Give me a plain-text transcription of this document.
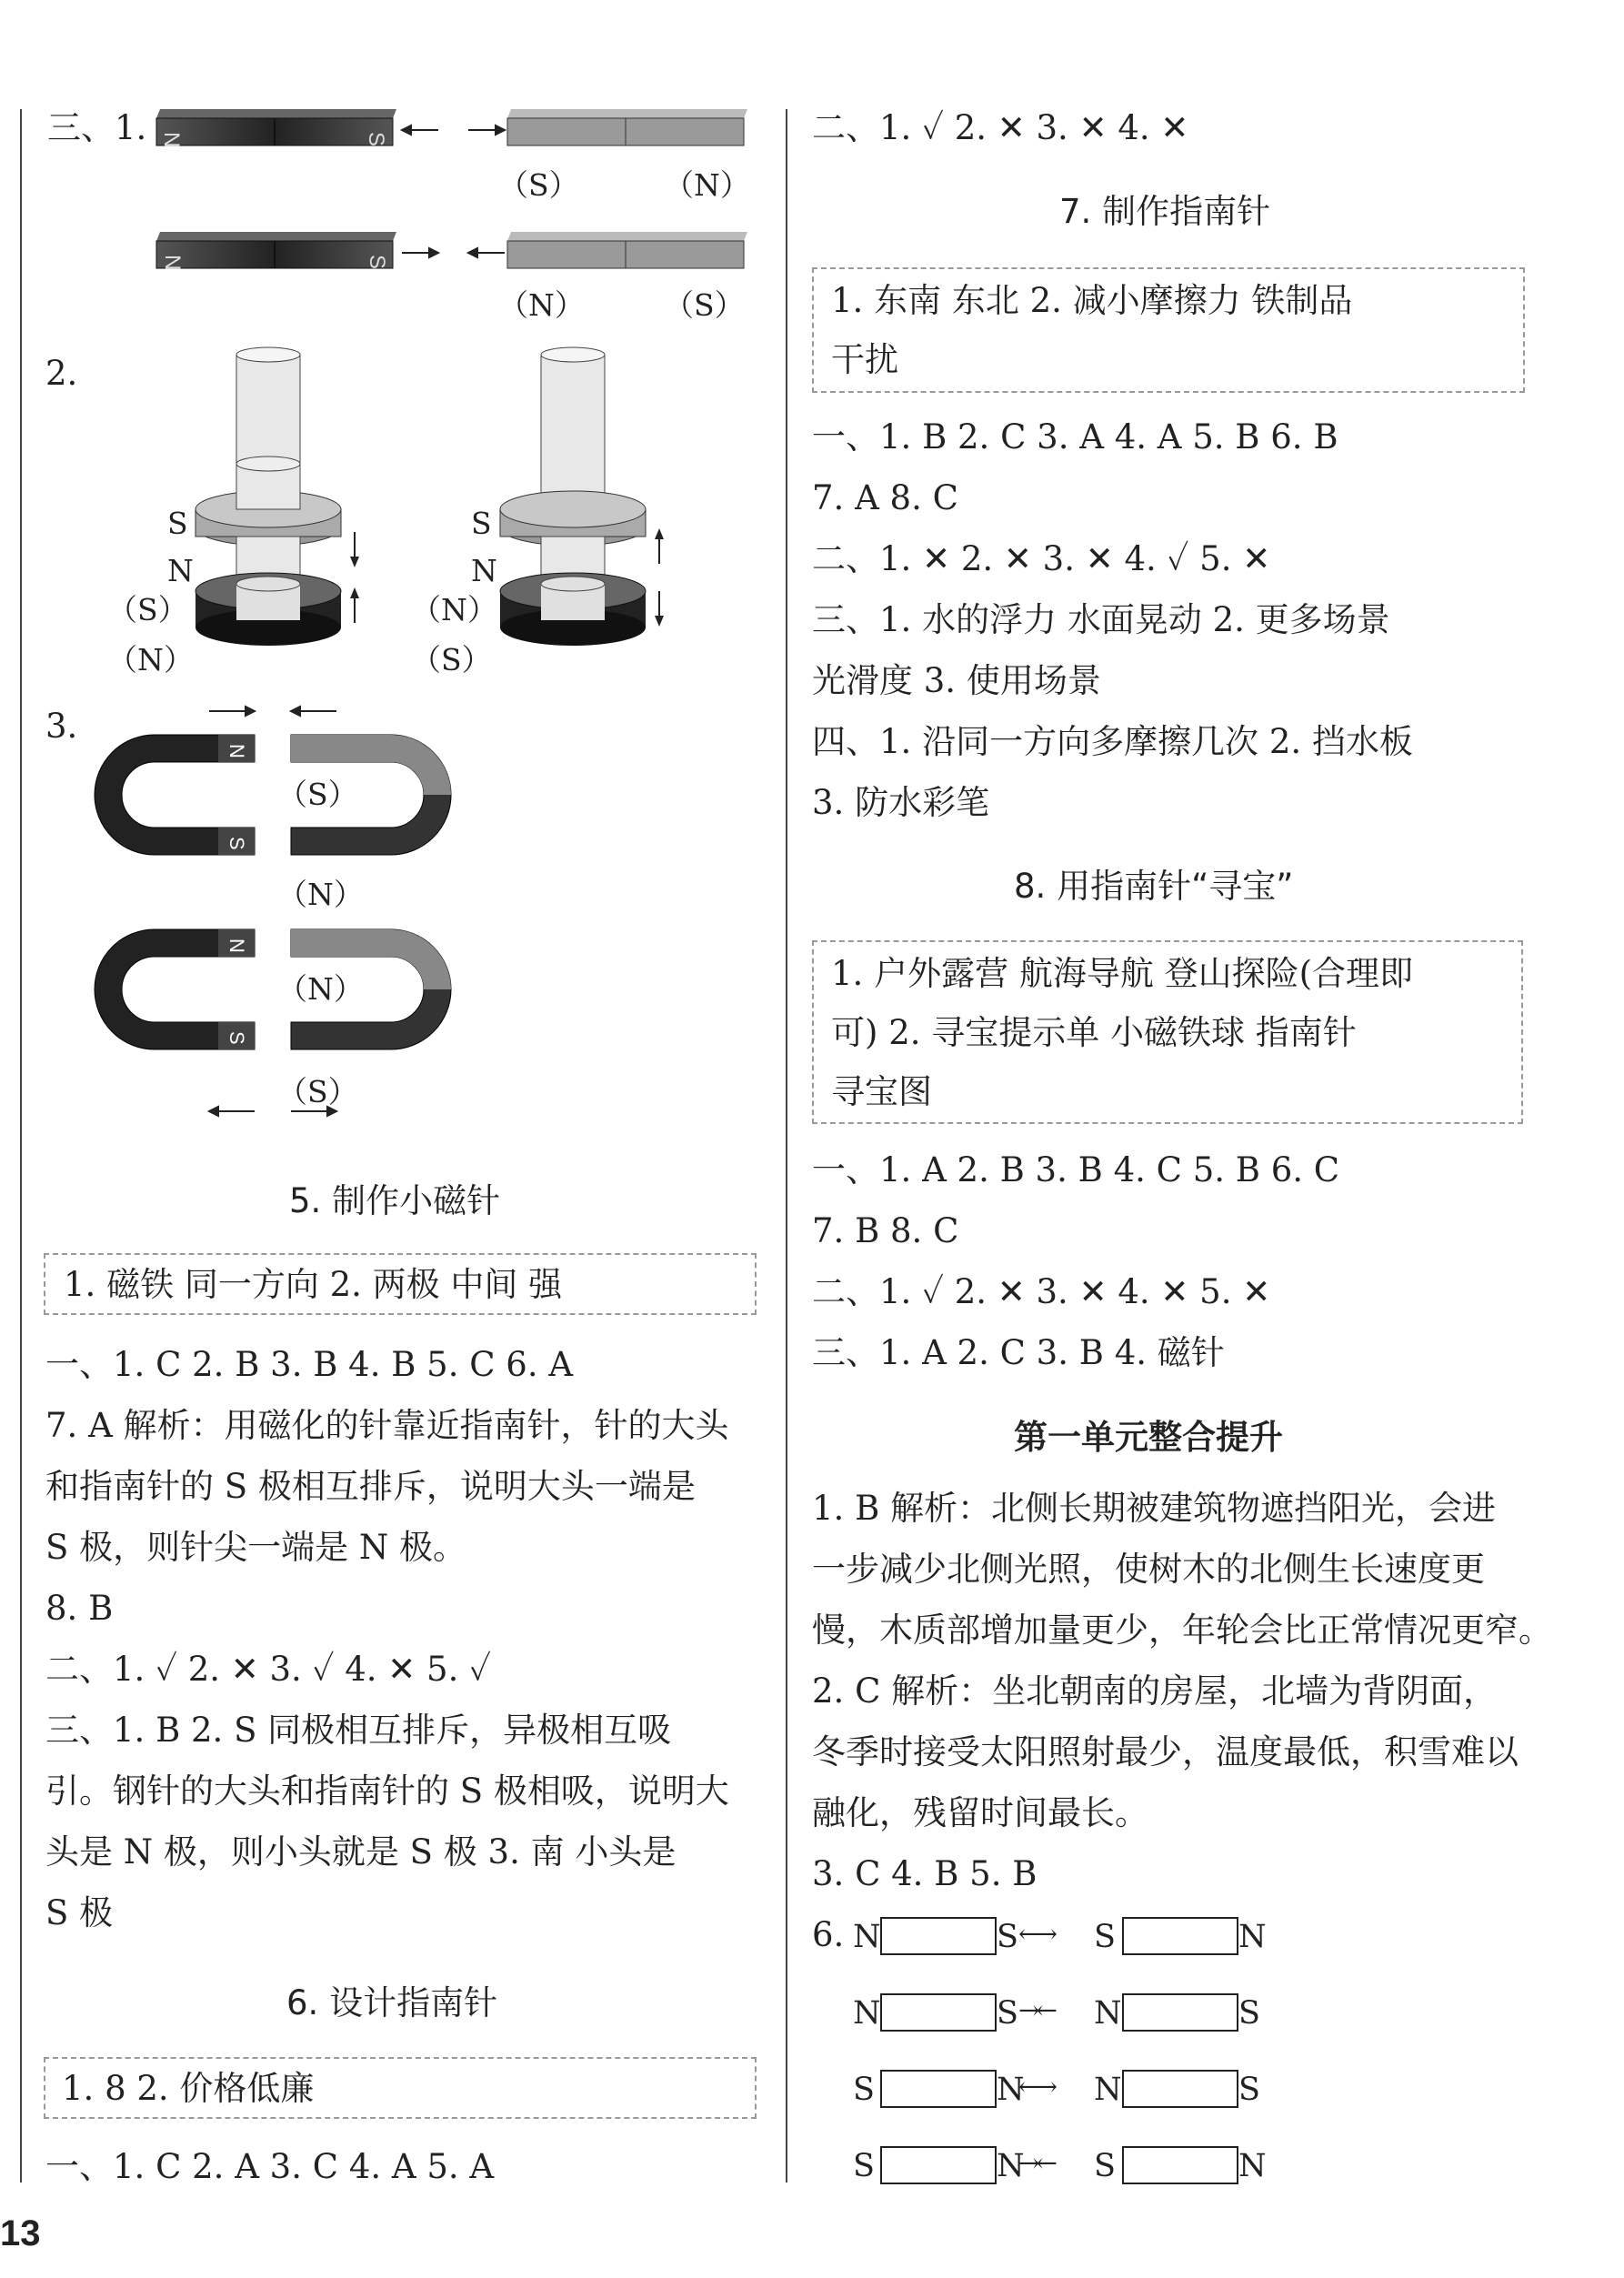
三、1. N	S
N	S
（S）	（N）
（N）	（S）
2.
S
N
（S）
（N）
S
N
（N）
（S）
3.
N
S
N
S
（S）
（N）
（N）
（S）
5. 制作小磁针
1. 磁铁 同一方向 2. 两极 中间 强
一、1. C 2. B 3. B 4. B 5. C 6. A
7. A 解析：用磁化的针靠近指南针，针的大头
和指南针的 S 极相互排斥，说明大头一端是
S 极，则针尖一端是 N 极。
8. B
二、1. ✓ 2. ✕ 3. ✓ 4. ✕ 5. ✓
三、1. B 2. S 同极相互排斥，异极相互吸
引。钢针的大头和指南针的 S 极相吸，说明大
头是 N 极，则小头就是 S 极 3. 南 小头是
S 极
6. 设计指南针
1. 8 2. 价格低廉
一、1. C 2. A 3. C 4. A 5. A
二、1. ✓ 2. ✕ 3. ✕ 4. ✕
7. 制作指南针
1. 东南 东北 2. 减小摩擦力 铁制品
干扰
一、1. B 2. C 3. A 4. A 5. B 6. B
7. A 8. C
二、1. ✕ 2. ✕ 3. ✕ 4. ✓ 5. ✕
三、1. 水的浮力 水面晃动 2. 更多场景
光滑度 3. 使用场景
四、1. 沿同一方向多摩擦几次 2. 挡水板
3. 防水彩笔
8. 用指南针“寻宝”
1. 户外露营 航海导航 登山探险(合理即
可) 2. 寻宝提示单 小磁铁球 指南针
寻宝图
一、1. A 2. B 3. B 4. C 5. B 6. C
7. B 8. C
二、1. ✓ 2. ✕ 3. ✕ 4. ✕ 5. ✕
三、1. A 2. C 3. B 4. 磁针
第一单元整合提升
1. B 解析：北侧长期被建筑物遮挡阳光，会进
一步减少北侧光照，使树木的北侧生长速度更
慢，木质部增加量更少，年轮会比正常情况更窄。
2. C 解析：坐北朝南的房屋，北墙为背阴面，
冬季时接受太阳照射最少，温度最低，积雪难以
融化，残留时间最长。
3. C 4. B 5. B
6. N	S ←→ S	N
N	S →← N	S
S	N
←→ N	S
S	N
→← S	N
13
